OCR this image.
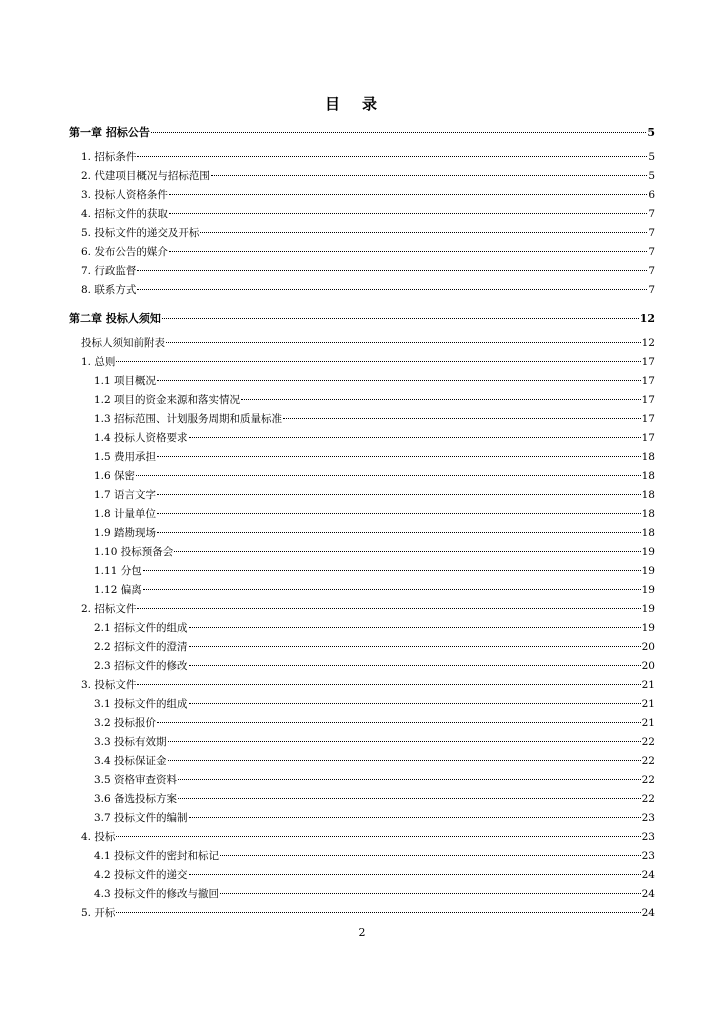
目录
第一章 招标公告	5
1. 招标条件	5
2. 代建项目概况与招标范围	5
3. 投标人资格条件	6
4. 招标文件的获取	7
5. 投标文件的递交及开标	7
6. 发布公告的媒介	7
7. 行政监督	7
8. 联系方式	7
第二章 投标人须知	12
投标人须知前附表	12
1. 总则	17
1.1 项目概况	17
1.2 项目的资金来源和落实情况	17
1.3 招标范围、计划服务周期和质量标准	17
1.4 投标人资格要求	17
1.5 费用承担	18
1.6 保密	18
1.7 语言文字	18
1.8 计量单位	18
1.9 踏勘现场	18
1.10 投标预备会	19
1.11 分包	19
1.12 偏离	19
2. 招标文件	19
2.1 招标文件的组成	19
2.2 招标文件的澄清	20
2.3 招标文件的修改	20
3. 投标文件	21
3.1 投标文件的组成	21
3.2 投标报价	21
3.3 投标有效期	22
3.4 投标保证金	22
3.5 资格审查资料	22
3.6 备选投标方案	22
3.7 投标文件的编制	23
4. 投标	23
4.1 投标文件的密封和标记	23
4.2 投标文件的递交	24
4.3 投标文件的修改与撤回	24
5. 开标	24
2
